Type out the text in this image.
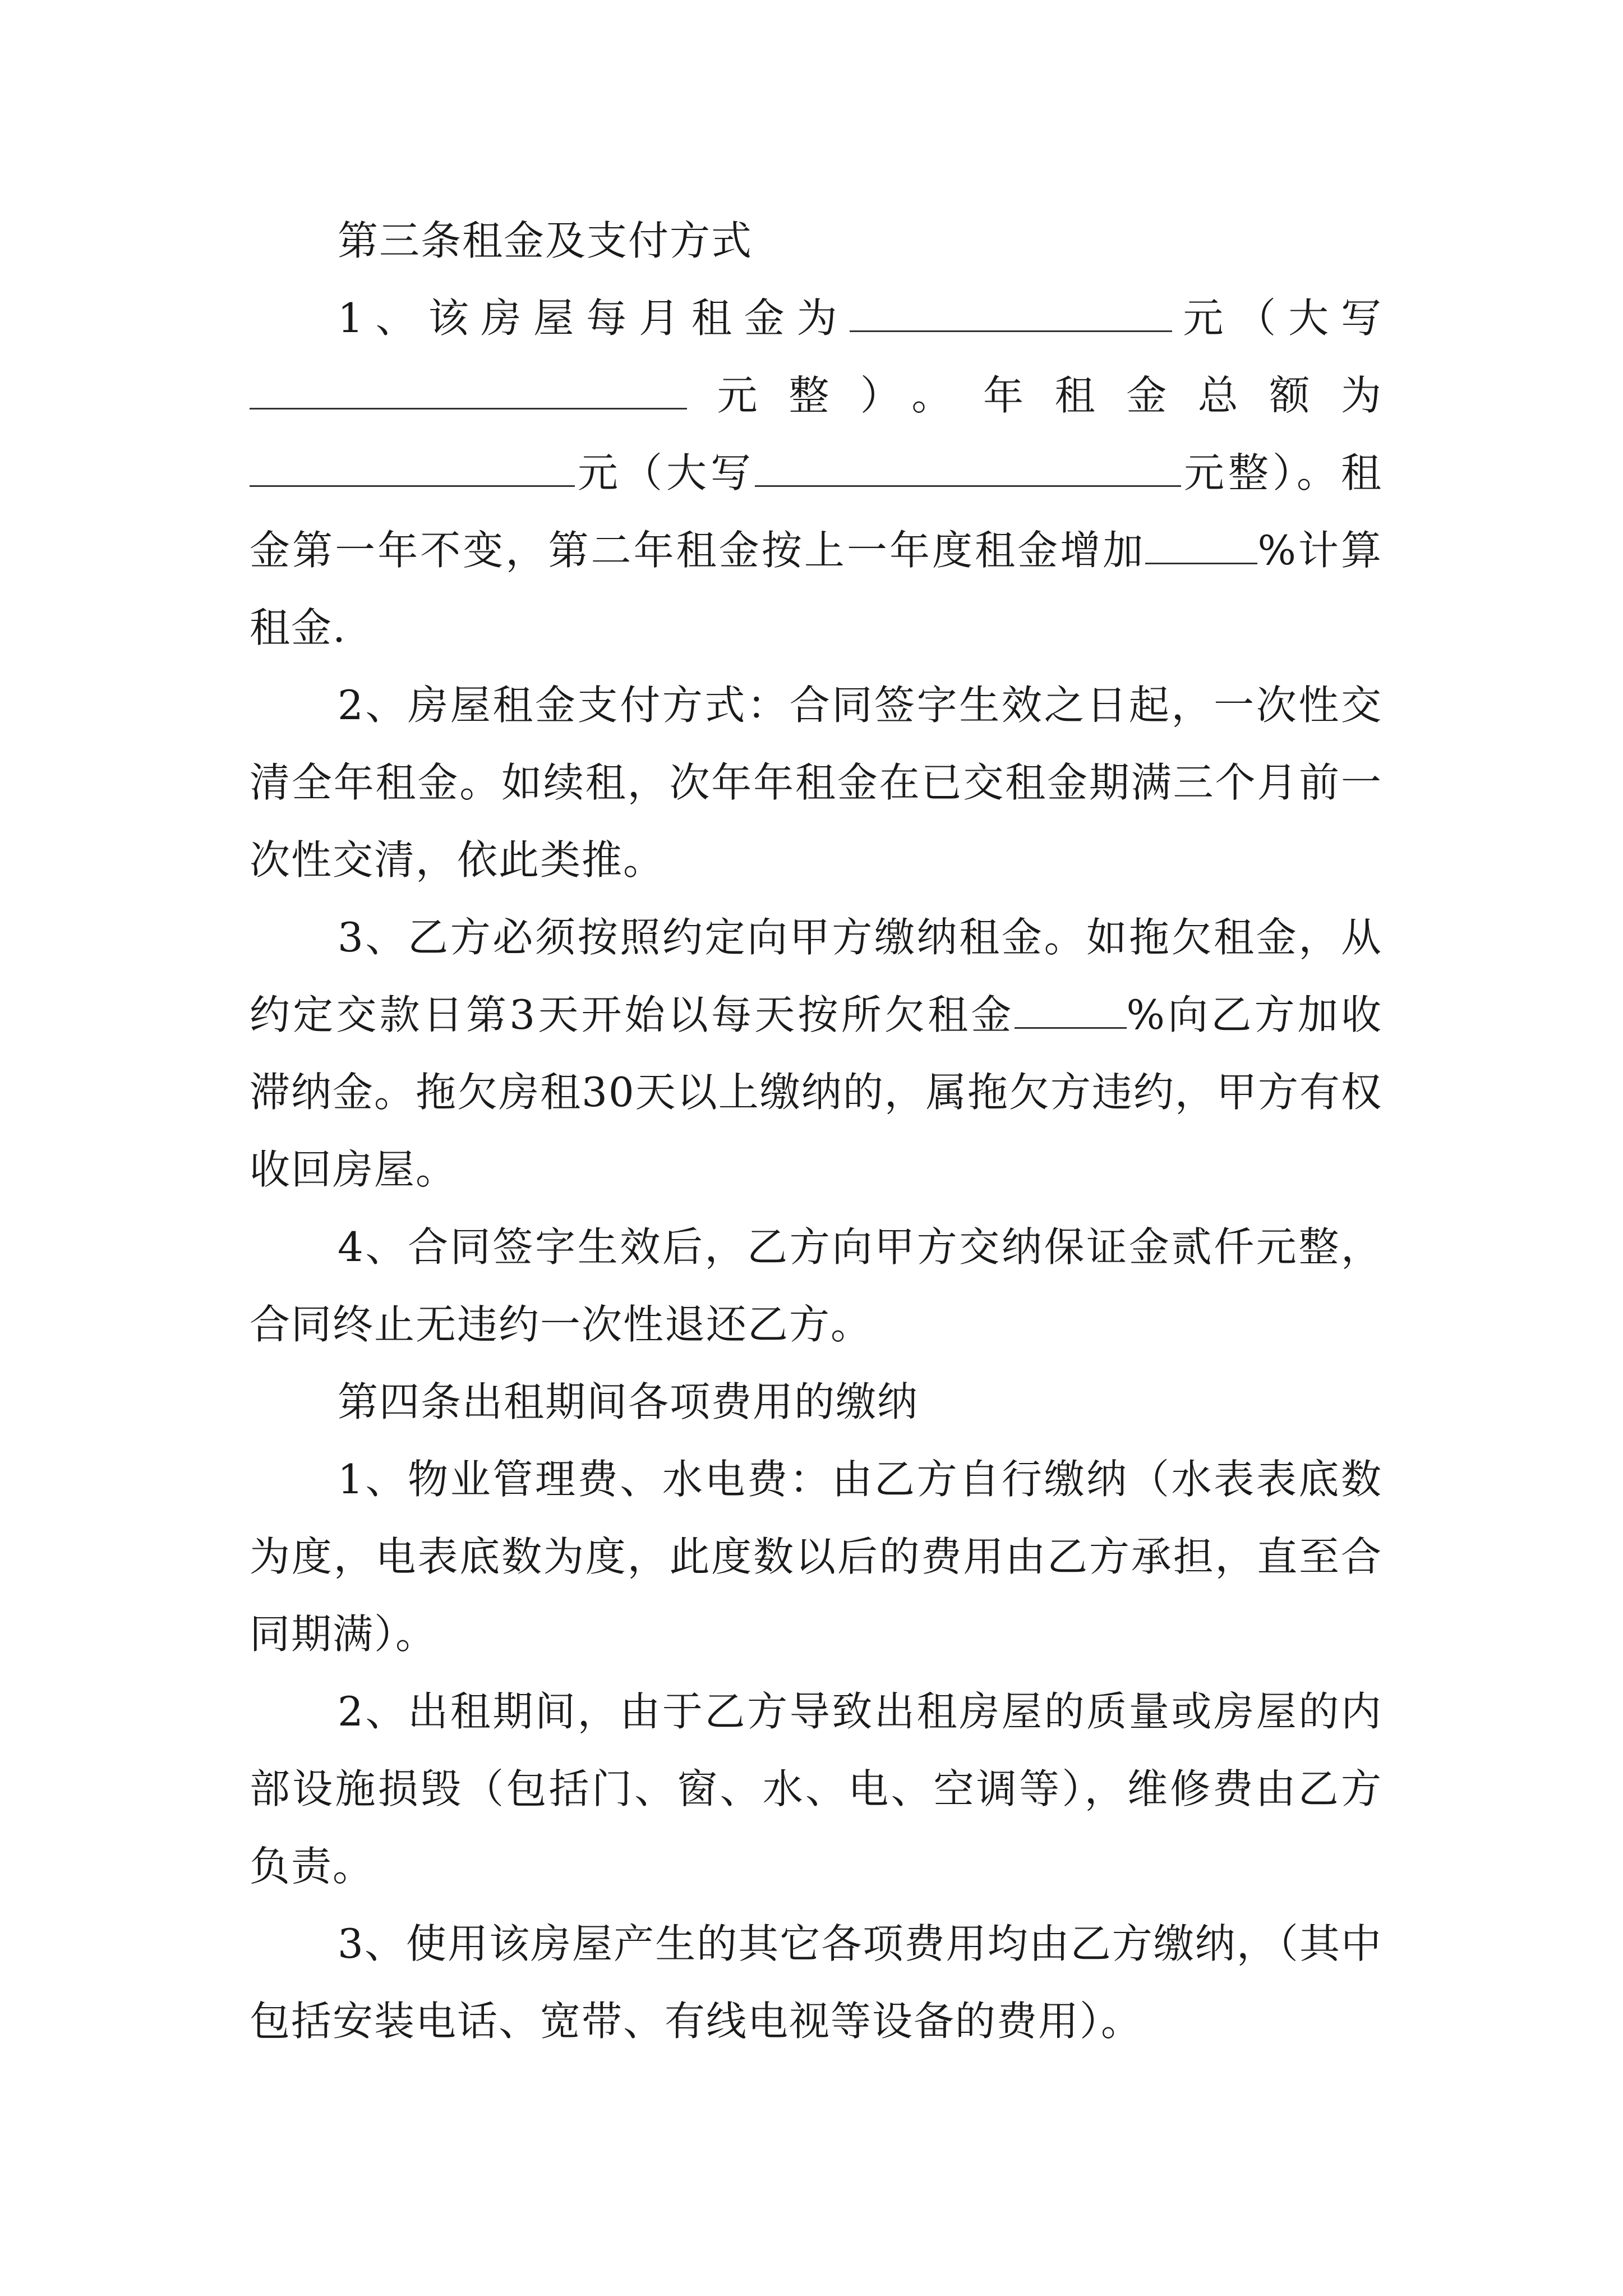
第三条租金及支付方式

1、该房屋每月租金为	元（大写元整）。年租金总额为元（大写	元整）。租金第一年不变，第二年租金按上一年度租金增加	%计算租金.

2、房屋租金支付方式：合同签字生效之日起，一次性交清全年租金。如续租，次年年租金在已交租金期满三个月前一次性交清，依此类推。

3、乙方必须按照约定向甲方缴纳租金。如拖欠租金，从约定交款日第3天开始以每天按所欠租金	%向乙方加收滞纳金。拖欠房租30天以上缴纳的，属拖欠方违约，甲方有权收回房屋。

4、合同签字生效后，乙方向甲方交纳保证金贰仟元整，合同终止无违约一次性退还乙方。

第四条出租期间各项费用的缴纳

1、物业管理费、水电费：由乙方自行缴纳（水表表底数为度，电表底数为度，此度数以后的费用由乙方承担，直至合同期满）。

2、出租期间，由于乙方导致出租房屋的质量或房屋的内部设施损毁（包括门、窗、水、电、空调等），维修费由乙方负责。

3、使用该房屋产生的其它各项费用均由乙方缴纳，（其中包括安装电话、宽带、有线电视等设备的费用）。
